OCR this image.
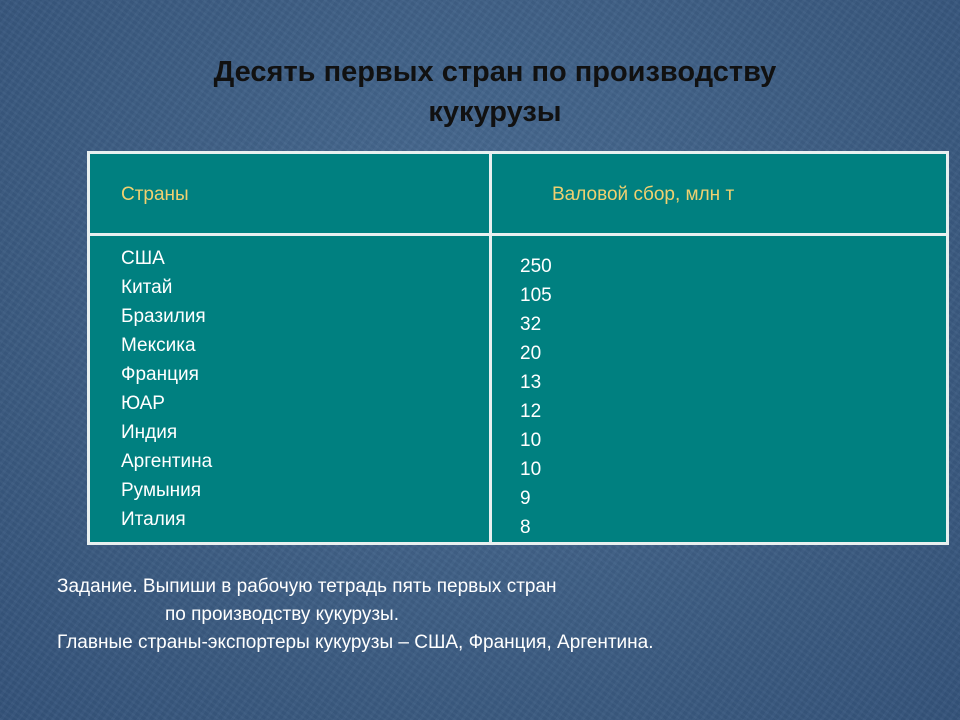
Десять первых стран по производству
кукурузы
Страны	Валовой сбор, млн т
США
Китай
Бразилия
Мексика
Франция
ЮАР
Индия
Аргентина
Румыния
Италия
250
105
32
20
13
12
10
10
9
8
Задание. Выпиши в рабочую тетрадь пять первых стран
по производству кукурузы.
Главные страны-экспортеры кукурузы – США, Франция, Аргентина.
